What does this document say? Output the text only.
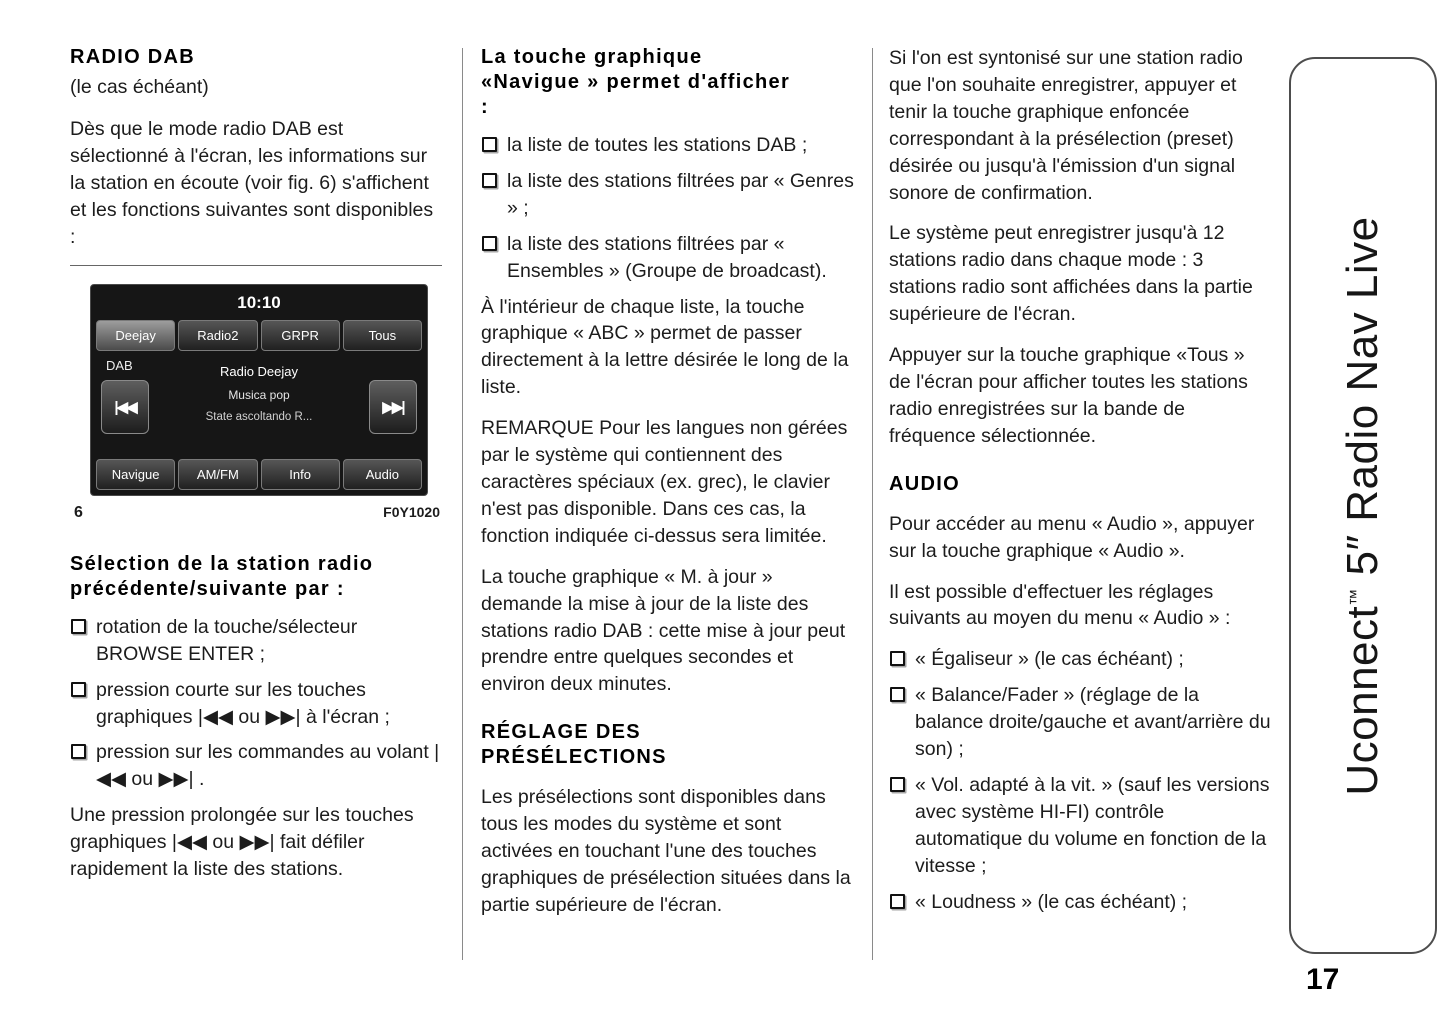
RADIO DAB
(le cas échéant)

Dès que le mode radio DAB est sélectionné à l'écran, les informations sur la station en écoute (voir fig. 6) s'affichent et les fonctions suivantes sont disponibles :

10:10
Deejay	Radio2	GRPR	Tous
DAB
|◀◀
Radio Deejay
Musica pop
State ascoltando R...
▶▶|
Navigue	AM/FM	Info	Audio
6	F0Y1020
Sélection de la station radio précédente/suivante par :
rotation de la touche/sélecteur BROWSE ENTER ;
pression courte sur les touches graphiques |◀◀ ou ▶▶| à l'écran ;
pression sur les commandes au volant |◀◀ ou ▶▶| .

Une pression prolongée sur les touches graphiques |◀◀ ou ▶▶| fait défiler rapidement la liste des stations.

La touche graphique «Navigue » permet d'afficher :
la liste de toutes les stations DAB ;
la liste des stations filtrées par « Genres » ;
la liste des stations filtrées par « Ensembles » (Groupe de broadcast).

À l'intérieur de chaque liste, la touche graphique « ABC » permet de passer directement à la lettre désirée le long de la liste.

REMARQUE Pour les langues non gérées par le système qui contiennent des caractères spéciaux (ex. grec), le clavier n'est pas disponible. Dans ces cas, la fonction indiquée ci-dessus sera limitée.

La touche graphique « M. à jour » demande la mise à jour de la liste des stations radio DAB : cette mise à jour peut prendre entre quelques secondes et environ deux minutes.

RÉGLAGE DES PRÉSÉLECTIONS

Les présélections sont disponibles dans tous les modes du système et sont activées en touchant l'une des touches graphiques de présélection situées dans la partie supérieure de l'écran.

Si l'on est syntonisé sur une station radio que l'on souhaite enregistrer, appuyer et tenir la touche graphique enfoncée correspondant à la présélection (preset) désirée ou jusqu'à l'émission d'un signal sonore de confirmation.

Le système peut enregistrer jusqu'à 12 stations radio dans chaque mode : 3 stations radio sont affichées dans la partie supérieure de l'écran.

Appuyer sur la touche graphique «Tous » de l'écran pour afficher toutes les stations radio enregistrées sur la bande de fréquence sélectionnée.

AUDIO

Pour accéder au menu « Audio », appuyer sur la touche graphique « Audio ».

Il est possible d'effectuer les réglages suivants au moyen du menu « Audio » :

« Égaliseur » (le cas échéant) ;
« Balance/Fader » (réglage de la balance droite/gauche et avant/arrière du son) ;
« Vol. adapté à la vit. » (sauf les versions avec système HI-FI) contrôle automatique du volume en fonction de la vitesse ;
« Loudness » (le cas échéant) ;
Uconnect™ 5″ Radio Nav Live
17
